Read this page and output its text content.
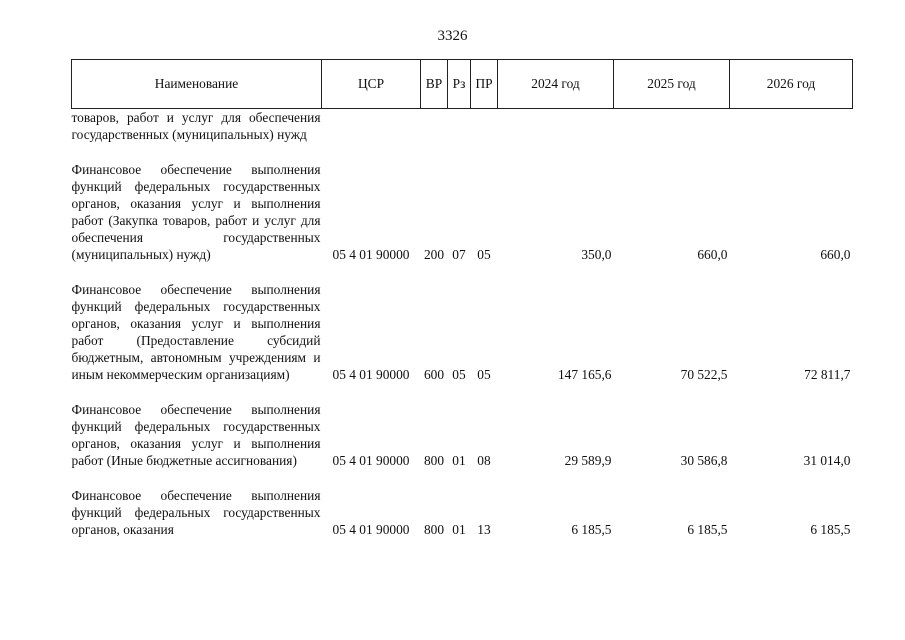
3326
Наименование	ЦСР	ВР	Рз	ПР	2024 год	2025 год	2026 год
товаров, работ и услуг для обеспечения государственных (муниципальных) нужд							
Финансовое обеспечение выполнения функций федеральных государственных органов, оказания услуг и выполнения работ (Закупка товаров, работ и услуг для обеспечения государственных (муниципальных) нужд)	05 4 01 90000	200	07	05	350,0	660,0	660,0
Финансовое обеспечение выполнения функций федеральных государственных органов, оказания услуг и выполнения работ (Предоставление субсидий бюджетным, автономным учреждениям и иным некоммерческим организациям)	05 4 01 90000	600	05	05	147 165,6	70 522,5	72 811,7
Финансовое обеспечение выполнения функций федеральных государственных органов, оказания услуг и выполнения работ (Иные бюджетные ассигнования)	05 4 01 90000	800	01	08	29 589,9	30 586,8	31 014,0
Финансовое обеспечение выполнения функций федеральных государственных органов, оказания	05 4 01 90000	800	01	13	6 185,5	6 185,5	6 185,5
